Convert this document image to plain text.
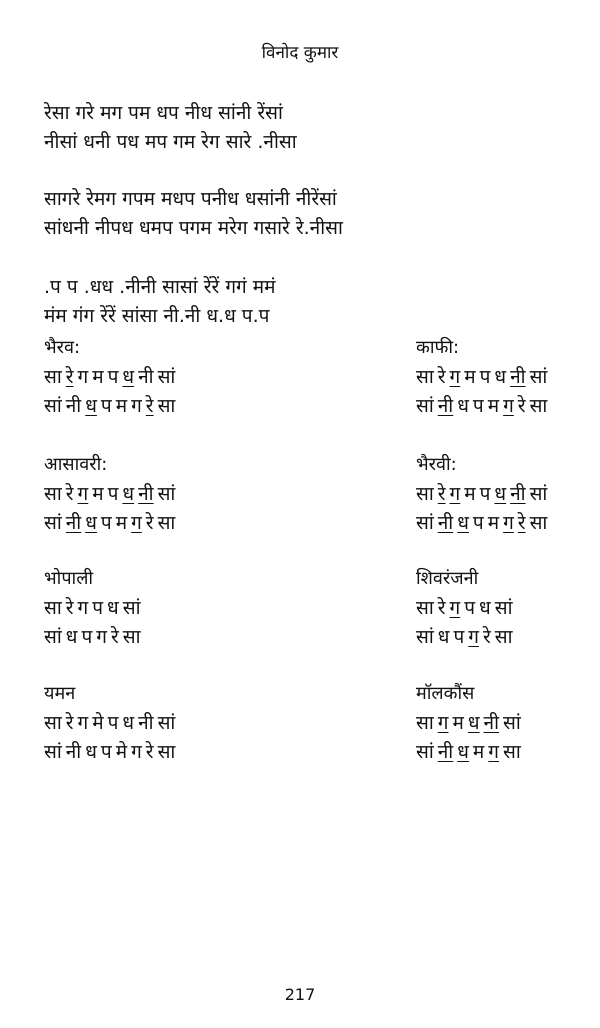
विनोद कुमार
रेसा गरे मग पम धप नीध सांनी रेंसां
नीसां धनी पध मप गम रेग सारे .नीसा
सागरे रेमग गपम मधप पनीध धसांनी नीरेंसां
सांधनी नीपध धमप पगम मरेग गसारे रे.नीसा
.प प .धध .नीनी सासां रेंरें गगं ममं
मंम गंग रेंरें सांसा नी.नी ध.ध प.प
भैरव:
सा रे ग म प ध नी सां
सां नी ध प म ग रे सा
काफी:
सा रे ग म प ध नी सां
सां नी ध प म ग रे सा
आसावरी:
सा रे ग म प ध नी सां
सां नी ध प म ग रे सा
भैरवी:
सा रे ग म प ध नी सां
सां नी ध प म ग रे सा
भोपाली
सा रे ग प ध सां
सां ध प ग रे सा
शिवरंजनी
सा रे ग प ध सां
सां ध प ग रे सा
यमन
सा रे ग मे प ध नी सां
सां नी ध प मे ग रे सा
मॉलकौंस
सा ग म ध नी सां
सां नी ध म ग सा
217
